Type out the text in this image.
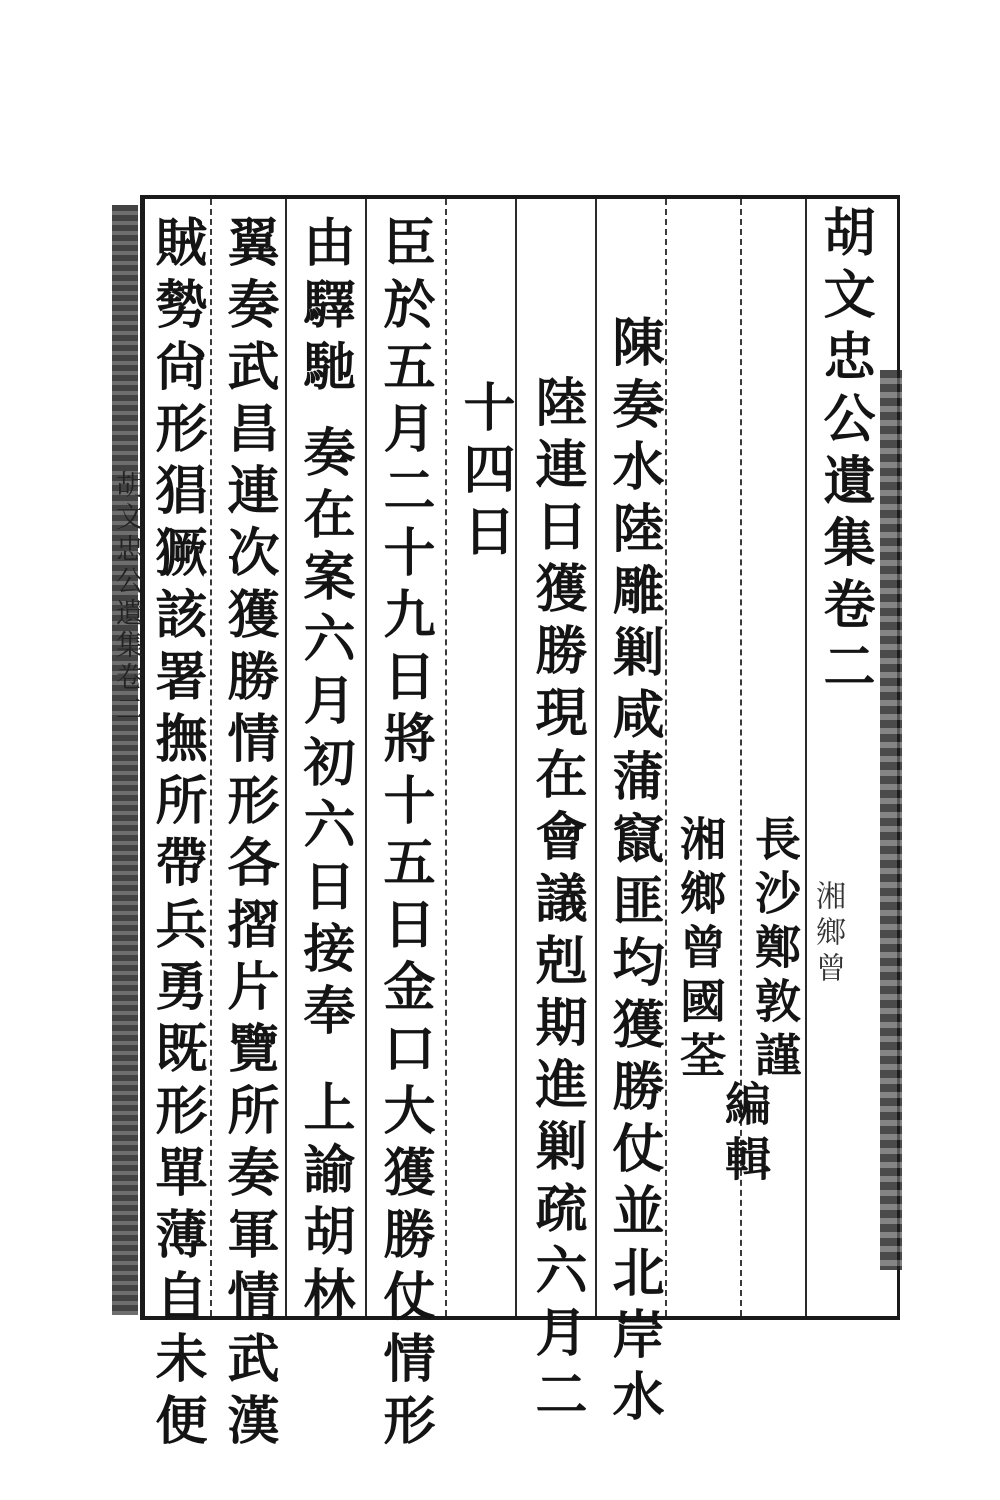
胡文忠公遺集卷二
長沙鄭敦謹
編
湘鄉曾國荃
輯
陳奏水陸雕剿咸蒲竄匪均獲勝仗並北岸水
陸連日獲勝現在會議剋期進剿疏六月二
十四日
臣於五月二十九日將十五日金口大獲勝仗情形
由驛馳
奏在案六月初六日接奉
上諭胡林
翼奏武昌連次獲勝情形各摺片覽所奏軍情武漢
賊勢尙形猖獗該署撫所帶兵勇既形單薄自未便
胡文忠公遺集卷二
湘鄉曾
